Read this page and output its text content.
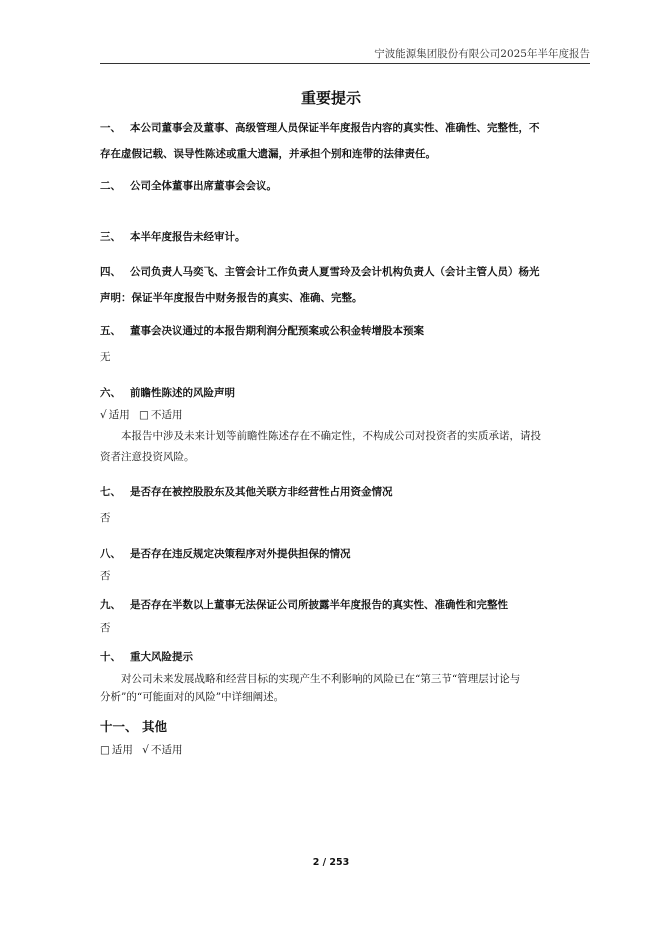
宁波能源集团股份有限公司2025年半年度报告
重要提示
一、 本公司董事会及董事、高级管理人员保证半年度报告内容的真实性、准确性、完整性，不
存在虚假记载、误导性陈述或重大遗漏，并承担个别和连带的法律责任。
二、 公司全体董事出席董事会会议。
三、 本半年度报告未经审计。
四、 公司负责人马奕飞、主管会计工作负责人夏雪玲及会计机构负责人（会计主管人员）杨光
声明：保证半年度报告中财务报告的真实、准确、完整。
五、 董事会决议通过的本报告期利润分配预案或公积金转增股本预案
无
六、 前瞻性陈述的风险声明
√ 适用 □ 不适用
本报告中涉及未来计划等前瞻性陈述存在不确定性，不构成公司对投资者的实质承诺，请投
资者注意投资风险。
七、 是否存在被控股股东及其他关联方非经营性占用资金情况
否
八、 是否存在违反规定决策程序对外提供担保的情况
否
九、 是否存在半数以上董事无法保证公司所披露半年度报告的真实性、准确性和完整性
否
十、 重大风险提示
对公司未来发展战略和经营目标的实现产生不利影响的风险已在“第三节“管理层讨论与
分析”的“可能面对的风险”中详细阐述。
十一、 其他
□ 适用 √ 不适用
2 / 253
